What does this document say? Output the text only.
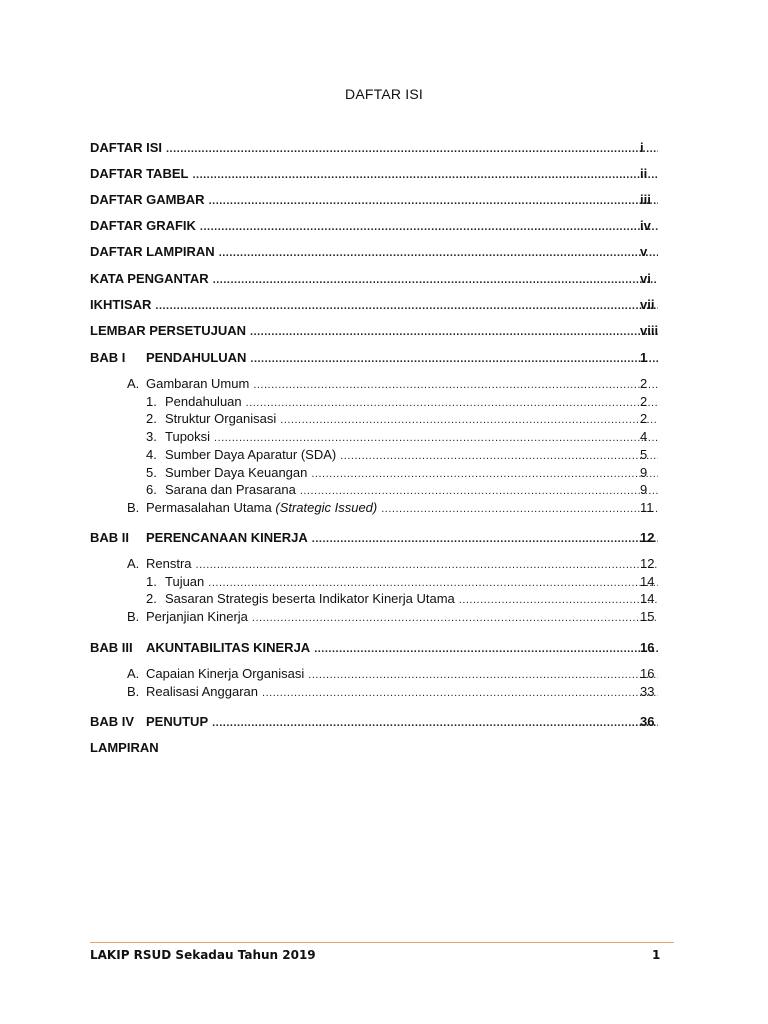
DAFTAR ISI
DAFTAR ISI .....	i
DAFTAR TABEL .....	ii
DAFTAR GAMBAR .....	iii
DAFTAR GRAFIK .....	iv
DAFTAR LAMPIRAN .....	v
KATA PENGANTAR .....	vi
IKHTISAR .....	vii
LEMBAR PERSETUJUAN .....	viii
BAB I PENDAHULUAN .....	1
A. Gambaran Umum .....	2
1. Pendahuluan .....	2
2. Struktur Organisasi .....	2
3. Tupoksi .....	4
4. Sumber Daya Aparatur (SDA) .....	5
5. Sumber Daya Keuangan .....	9
6. Sarana dan Prasarana .....	9
B. Permasalahan Utama (Strategic Issued) .....	11
BAB II PERENCANAAN KINERJA .....	12
A. Renstra .....	12
1. Tujuan .....	14
2. Sasaran Strategis beserta Indikator Kinerja Utama .....	14
B. Perjanjian Kinerja .....	15
BAB III AKUNTABILITAS KINERJA .....	16
A. Capaian Kinerja Organisasi .....	16
B. Realisasi Anggaran .....	33
BAB IV PENUTUP .....	36
LAMPIRAN
LAKIP RSUD Sekadau Tahun 2019	1
